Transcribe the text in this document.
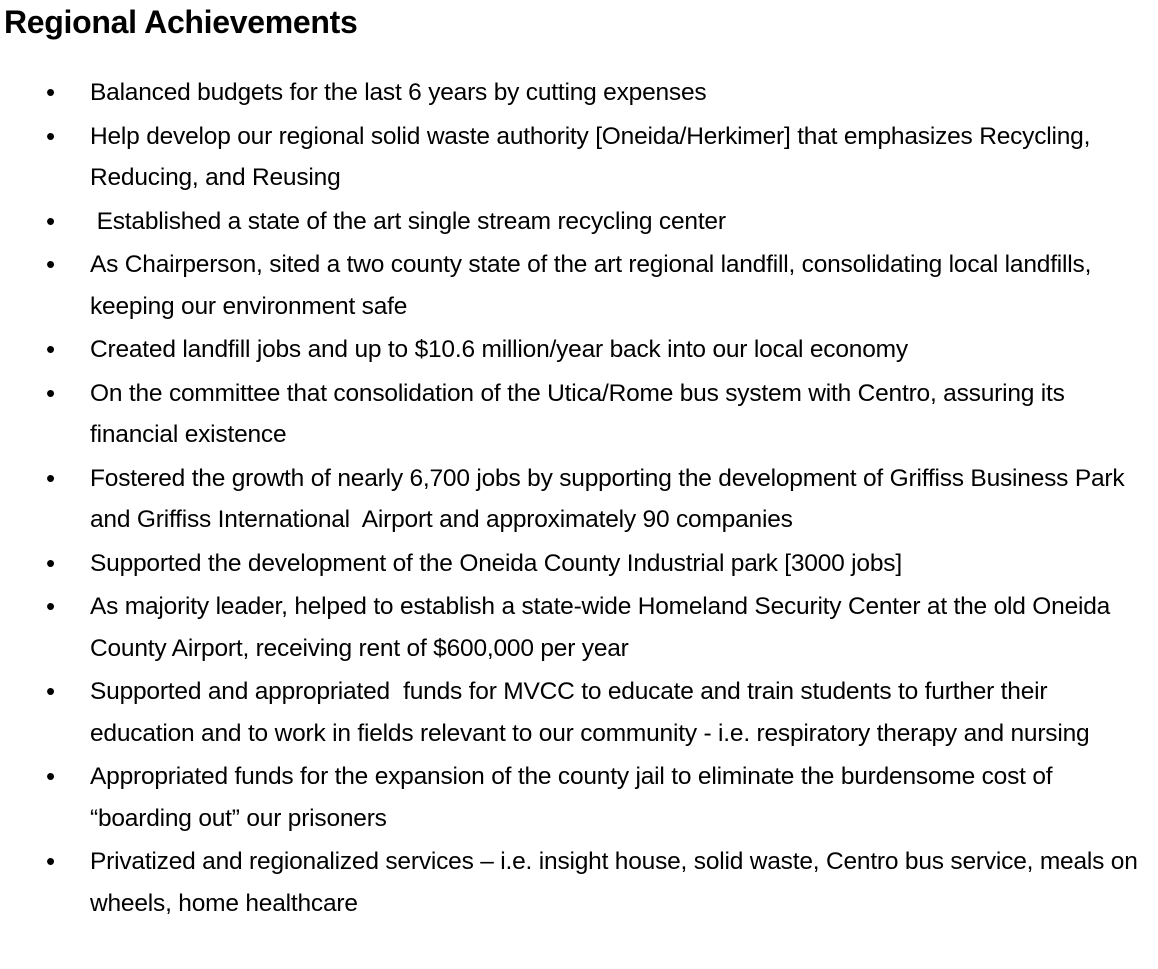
Regional Achievements
• Balanced budgets for the last 6 years by cutting expenses
• Help develop our regional solid waste authority [Oneida/Herkimer] that emphasizes Recycling, Reducing, and Reusing
• Established a state of the art single stream recycling center
• As Chairperson, sited a two county state of the art regional landfill, consolidating local landfills, keeping our environment safe
• Created landfill jobs and up to $10.6 million/year back into our local economy
• On the committee that consolidation of the Utica/Rome bus system with Centro, assuring its financial existence
• Fostered the growth of nearly 6,700 jobs by supporting the development of Griffiss Business Park and Griffiss International  Airport and approximately 90 companies
• Supported the development of the Oneida County Industrial park [3000 jobs]
• As majority leader, helped to establish a state-wide Homeland Security Center at the old Oneida County Airport, receiving rent of $600,000 per year
• Supported and appropriated  funds for MVCC to educate and train students to further their education and to work in fields relevant to our community - i.e. respiratory therapy and nursing
• Appropriated funds for the expansion of the county jail to eliminate the burdensome cost of “boarding out” our prisoners
• Privatized and regionalized services – i.e. insight house, solid waste, Centro bus service, meals on wheels, home healthcare
